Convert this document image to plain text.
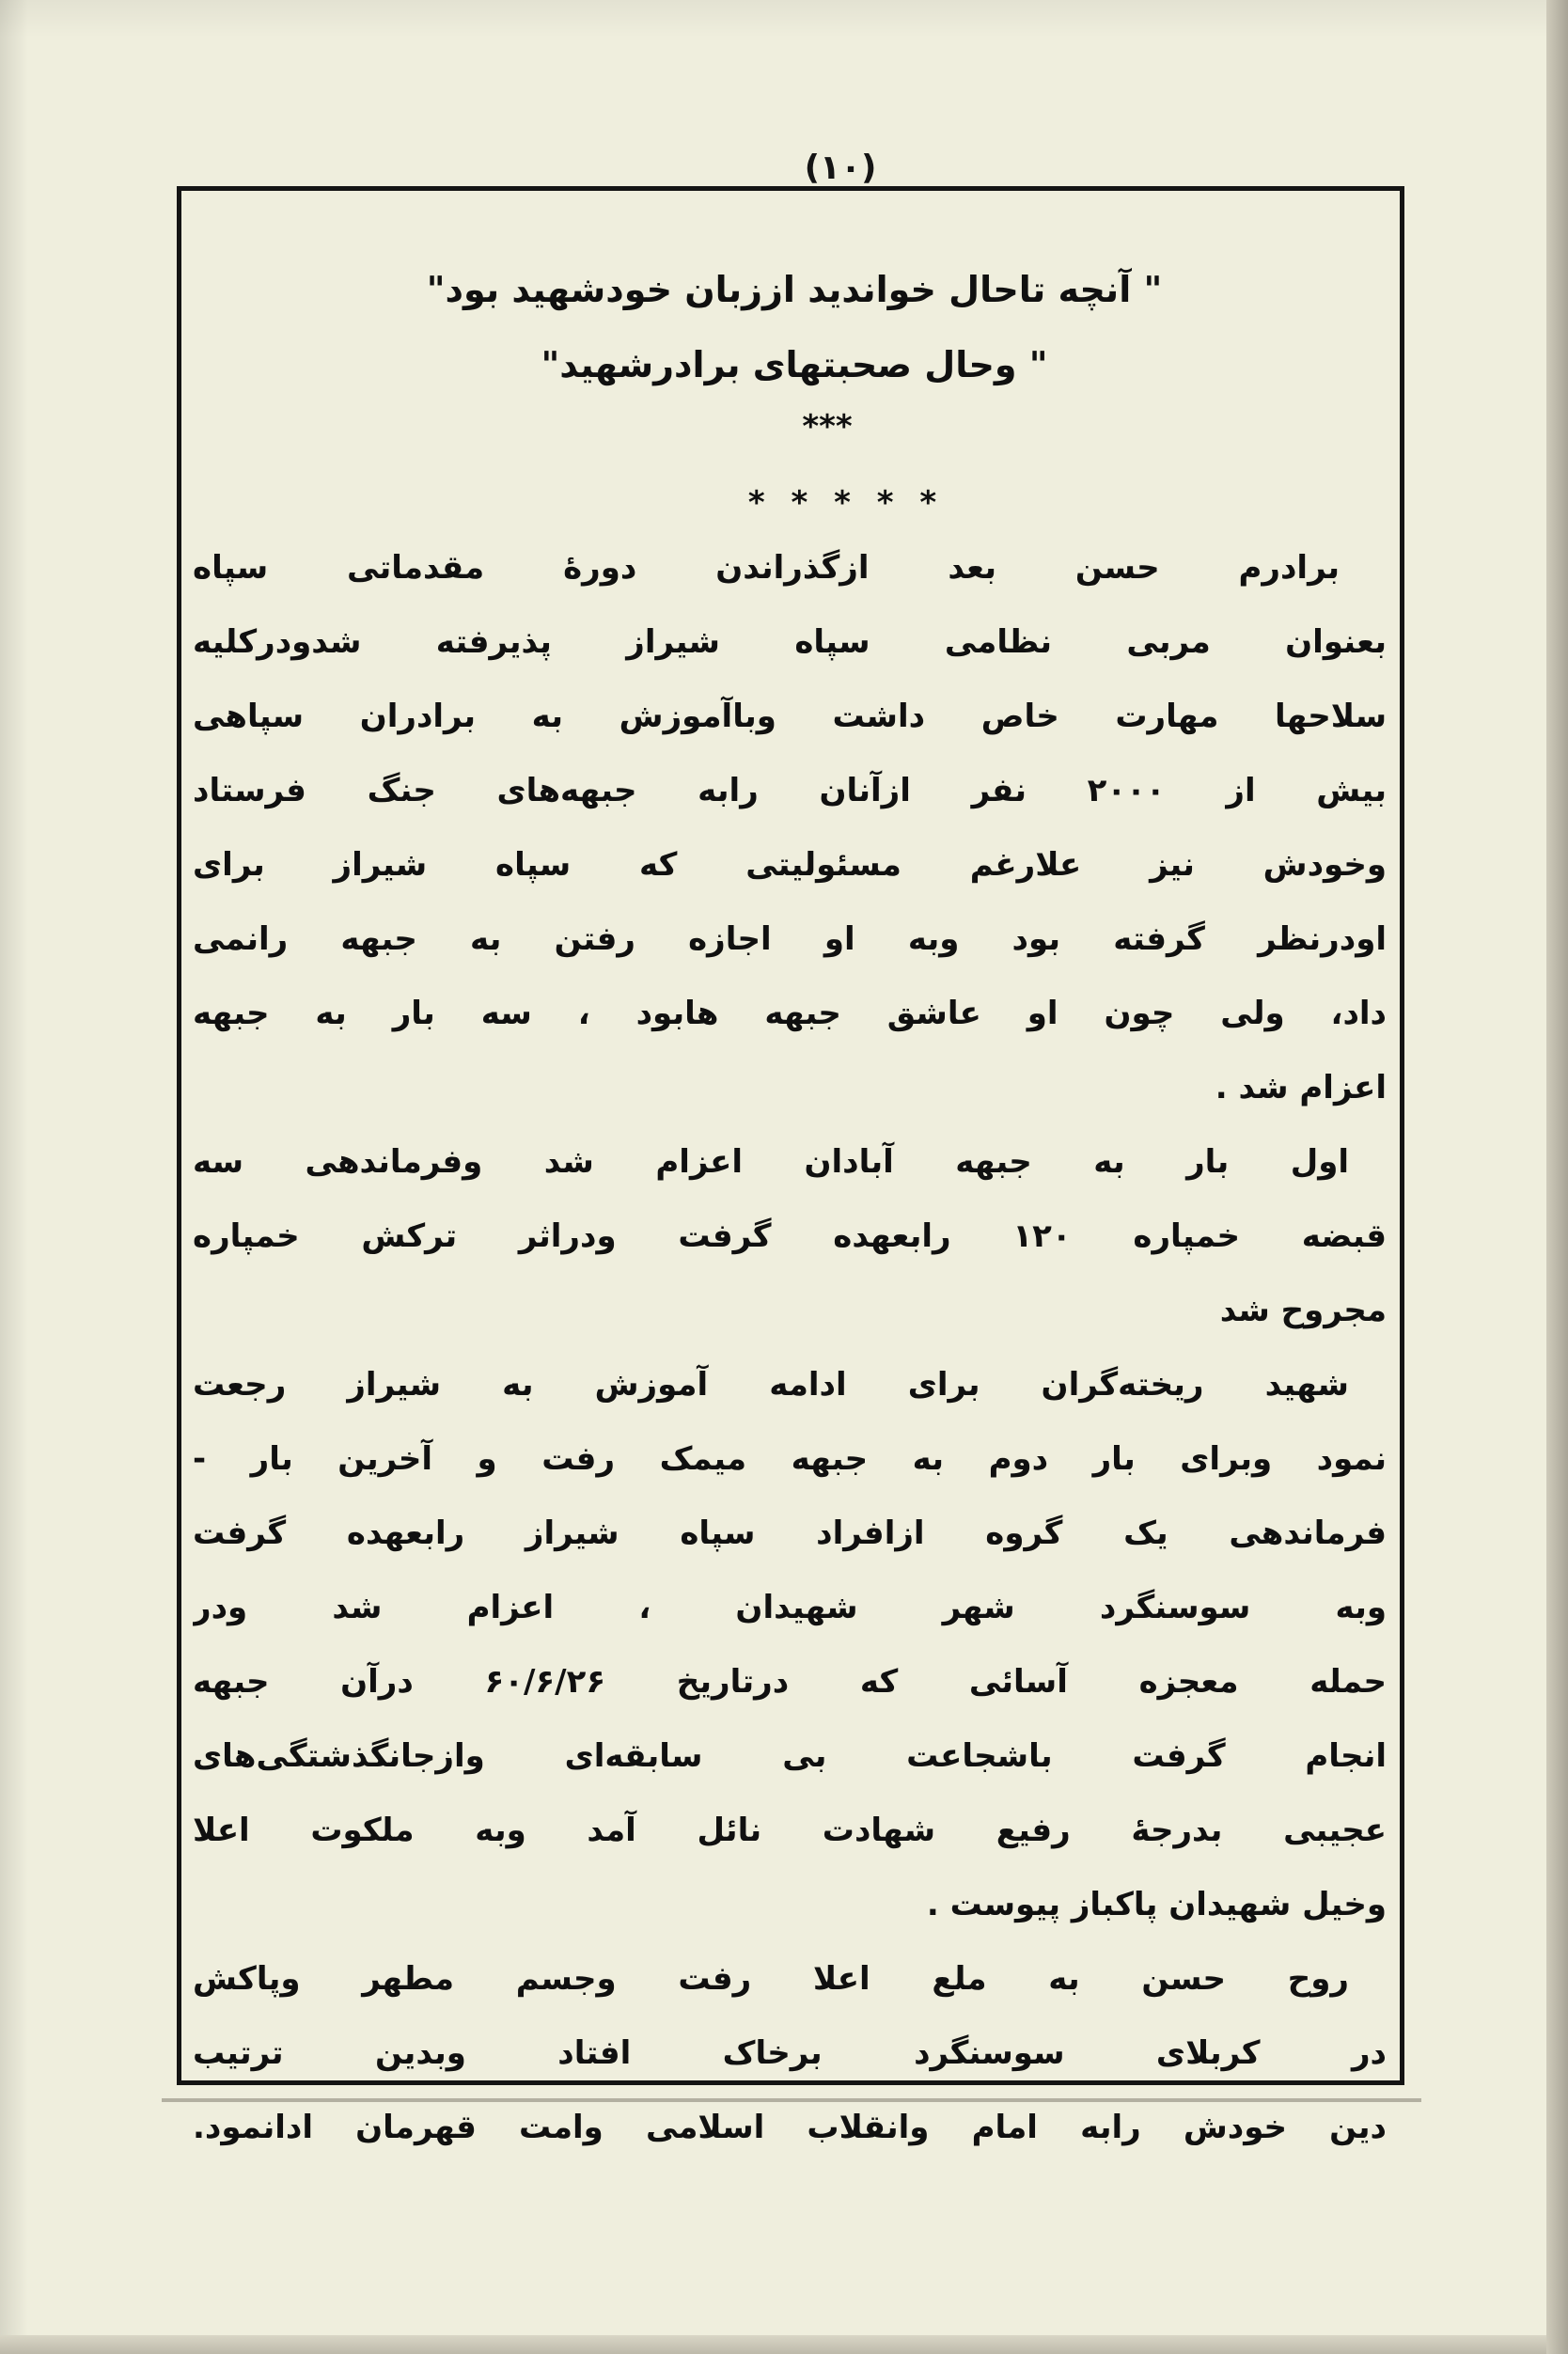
(۱۰)
" آنچه تاحال خواندید اززبان خودشهید بود"
" وحال صحبتهای برادرشهید"
***
* * * * *
برادرم حسن بعد ازگذراندن دورهٔ مقدماتی سپاه
بعنوان مربی نظامی سپاه شیراز پذیرفته شدودرکلیه
سلاحها مهارت خاص داشت وباآموزش به برادران سپاهی
بیش از ۲۰۰۰ نفر ازآنان رابه جبهه‌های جنگ فرستاد
وخودش نیز علارغم مسئولیتی که سپاه شیراز برای
اودرنظر گرفته بود وبه او اجازه رفتن به جبهه رانمی
داد، ولی چون او عاشق جبهه هابود ، سه بار به جبهه
اعزام شد .
اول بار به جبهه آبادان اعزام شد وفرماندهی سه
قبضه خمپاره ۱۲۰ رابعهده گرفت ودراثر ترکش خمپاره
مجروح شد
شهید ریخته‌گران برای ادامه آموزش به شیراز رجعت
نمود وبرای بار دوم به جبهه میمک رفت و آخرین بار -
فرماندهی یک گروه ازافراد سپاه شیراز رابعهده گرفت
وبه سوسنگرد شهر شهیدان ، اعزام شد ودر
حمله معجزه آسائی که درتاریخ ۶۰/۶/۲۶ درآن جبهه
انجام گرفت باشجاعت بی سابقه‌ای وازجانگذشتگی‌های
عجیبی بدرجهٔ رفیع شهادت نائل آمد وبه ملکوت اعلا
وخیل شهیدان پاکباز پیوست .
روح حسن به ملع اعلا رفت وجسم مطهر وپاکش
در کربلای سوسنگرد برخاک افتاد وبدین ترتیب
دین خودش رابه امام وانقلاب اسلامی وامت قهرمان ادانمود.
